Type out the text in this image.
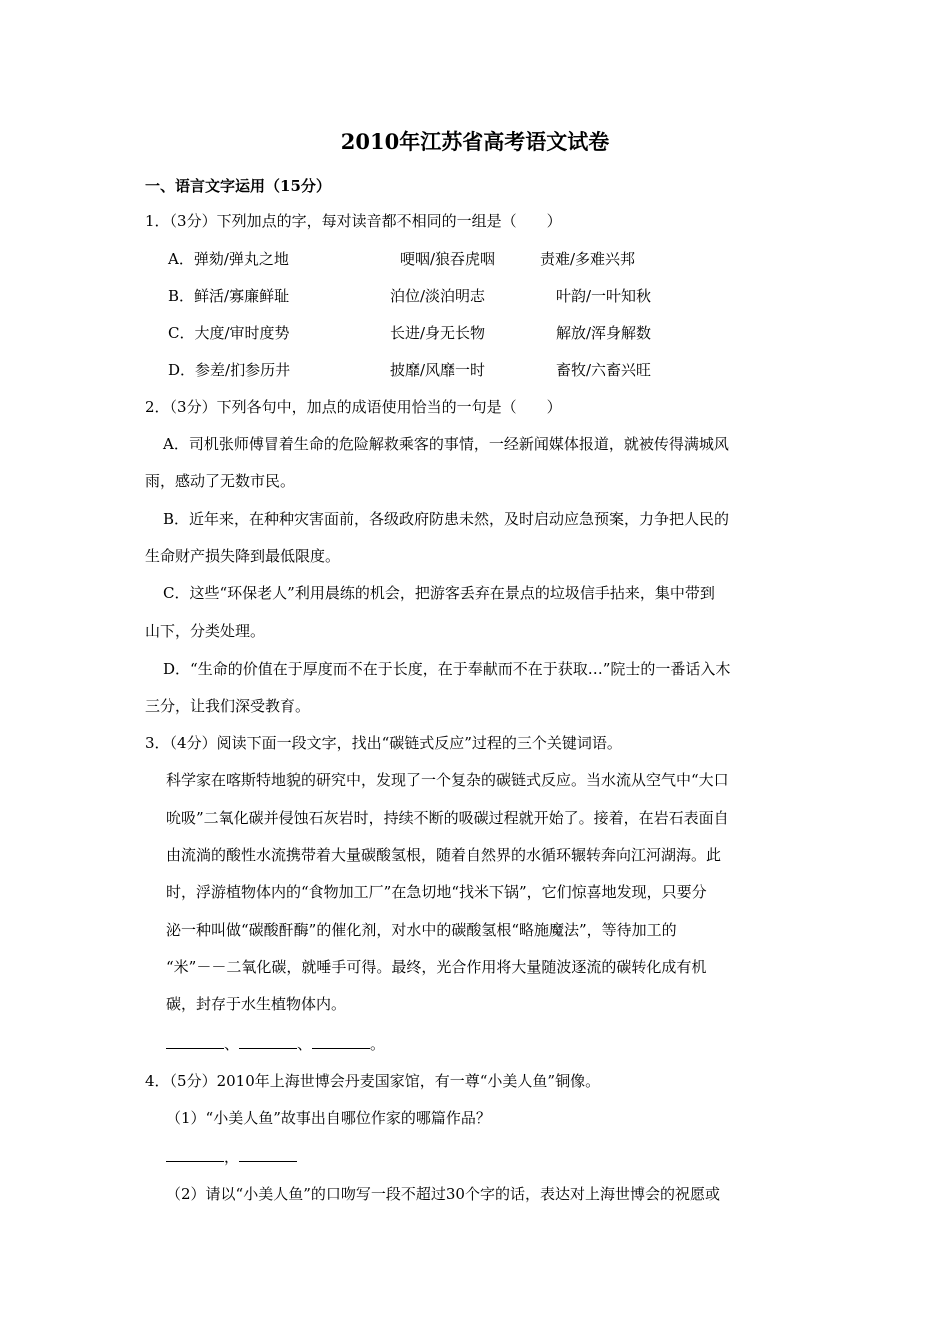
2010年江苏省高考语文试卷
一、语言文字运用（15分）
1．（3分）下列加点的字，每对读音都不相同的一组是（　　）
A．弹劾/弹丸之地	哽咽/狼吞虎咽	责难/多难兴邦
B．鲜活/寡廉鲜耻	泊位/淡泊明志	叶韵/一叶知秋
C．大度/审时度势	长进/身无长物	解放/浑身解数
D．参差/扪参历井	披靡/风靡一时	畜牧/六畜兴旺
2．（3分）下列各句中，加点的成语使用恰当的一句是（　　）
A．司机张师傅冒着生命的危险解救乘客的事情，一经新闻媒体报道，就被传得满城风
雨，感动了无数市民。
B．近年来，在种种灾害面前，各级政府防患未然，及时启动应急预案，力争把人民的
生命财产损失降到最低限度。
C．这些“环保老人”利用晨练的机会，把游客丢弃在景点的垃圾信手拈来，集中带到
山下，分类处理。
D．“生命的价值在于厚度而不在于长度，在于奉献而不在于获取…”院士的一番话入木
三分，让我们深受教育。
3．（4分）阅读下面一段文字，找出“碳链式反应”过程的三个关键词语。
科学家在喀斯特地貌的研究中，发现了一个复杂的碳链式反应。当水流从空气中“大口
吮吸”二氧化碳并侵蚀石灰岩时，持续不断的吸碳过程就开始了。接着，在岩石表面自
由流淌的酸性水流携带着大量碳酸氢根，随着自然界的水循环辗转奔向江河湖海。此
时，浮游植物体内的“食物加工厂”在急切地“找米下锅”，它们惊喜地发现，只要分
泌一种叫做“碳酸酐酶”的催化剂，对水中的碳酸氢根“略施魔法”，等待加工的
“米”－－二氧化碳，就唾手可得。最终，光合作用将大量随波逐流的碳转化成有机
碳，封存于水生植物体内。
、	、	。
4．（5分）2010年上海世博会丹麦国家馆，有一尊“小美人鱼”铜像。
（1）“小美人鱼”故事出自哪位作家的哪篇作品？
，
（2）请以“小美人鱼”的口吻写一段不超过30个字的话，表达对上海世博会的祝愿或
